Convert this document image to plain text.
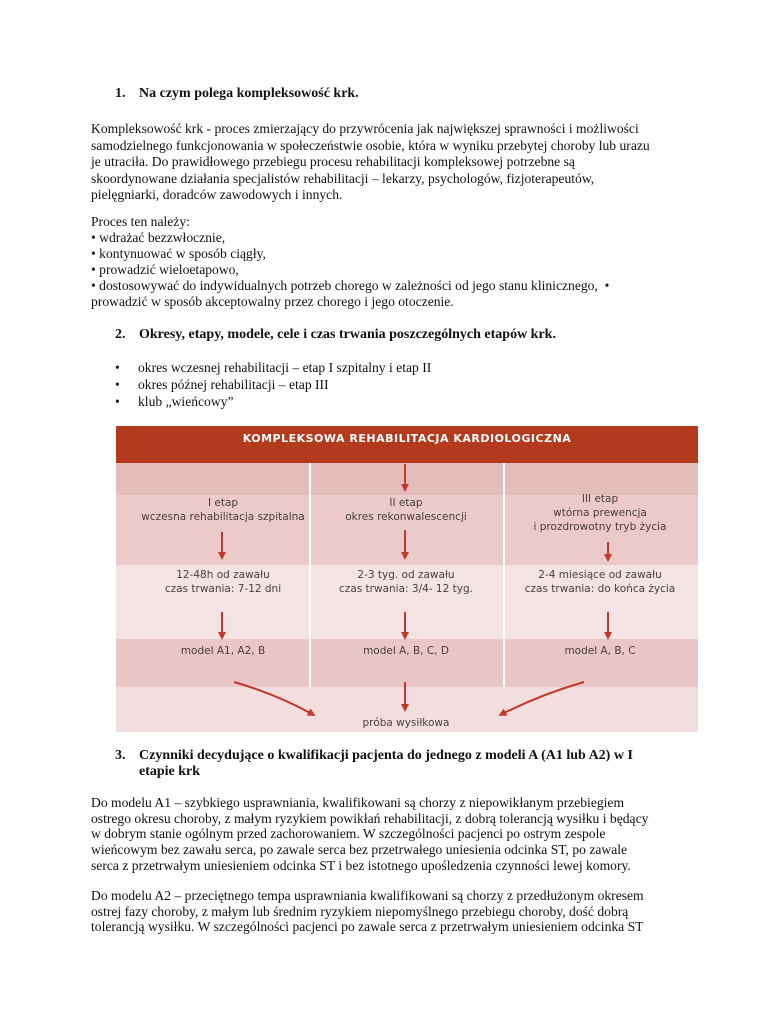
1. Na czym polega kompleksowość krk.
Kompleksowość krk - proces zmierzający do przywrócenia jak największej sprawności i możliwości
samodzielnego funkcjonowania w społeczeństwie osobie, która w wyniku przebytej choroby lub urazu
je utraciła. Do prawidłowego przebiegu procesu rehabilitacji kompleksowej potrzebne są
skoordynowane działania specjalistów rehabilitacji – lekarzy, psychologów, fizjoterapeutów,
pielęgniarki, doradców zawodowych i innych.
Proces ten należy:
• wdrażać bezzwłocznie,
• kontynuować w sposób ciągły,
• prowadzić wieloetapowo,
• dostosowywać do indywidualnych potrzeb chorego w zależności od jego stanu klinicznego,  •
prowadzić w sposób akceptowalny przez chorego i jego otoczenie.
2. Okresy, etapy, modele, cele i czas trwania poszczególnych etapów krk.
• okres wczesnej rehabilitacji – etap I szpitalny i etap II
• okres późnej rehabilitacji – etap III
• klub „wieńcowy”
KOMPLEKSOWA REHABILITACJA KARDIOLOGICZNA
I etap
wczesna rehabilitacja szpitalna
II etap
okres rekonwalescencji
III etap
wtórna prewencja
i prozdrowotny tryb życia
12-48h od zawału
czas trwania: 7-12 dni
2-3 tyg. od zawału
czas trwania: 3/4- 12 tyg.
2-4 miesiące od zawału
czas trwania: do końca życia
model A1, A2, B	model A, B, C, D	model A, B, C
próba wysiłkowa
3. Czynniki decydujące o kwalifikacji pacjenta do jednego z modeli A (A1 lub A2) w I
etapie krk
Do modelu A1 – szybkiego usprawniania, kwalifikowani są chorzy z niepowikłanym przebiegiem
ostrego okresu choroby, z małym ryzykiem powikłań rehabilitacji, z dobrą tolerancją wysiłku i będący
w dobrym stanie ogólnym przed zachorowaniem. W szczególności pacjenci po ostrym zespole
wieńcowym bez zawału serca, po zawale serca bez przetrwałego uniesienia odcinka ST, po zawale
serca z przetrwałym uniesieniem odcinka ST i bez istotnego upośledzenia czynności lewej komory.
Do modelu A2 – przeciętnego tempa usprawniania kwalifikowani są chorzy z przedłużonym okresem
ostrej fazy choroby, z małym lub średnim ryzykiem niepomyślnego przebiegu choroby, dość dobrą
tolerancją wysiłku. W szczególności pacjenci po zawale serca z przetrwałym uniesieniem odcinka ST
